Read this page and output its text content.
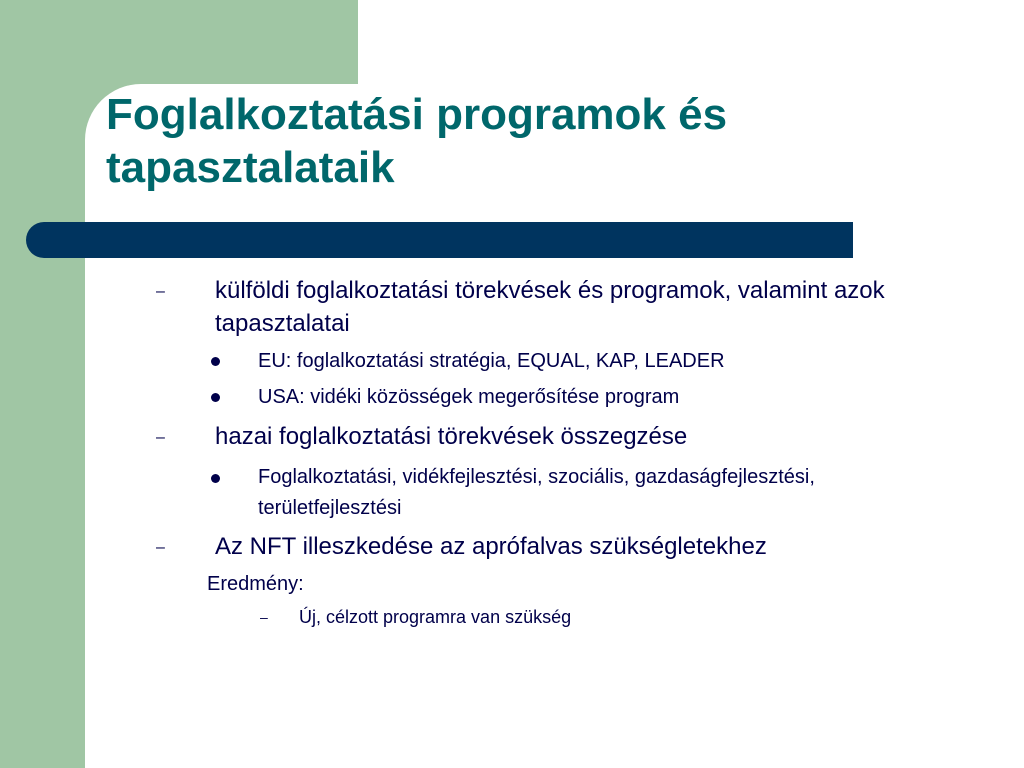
Foglalkoztatási programok és tapasztalataik
– külföldi foglalkoztatási törekvések és programok, valamint azok tapasztalatai

EU: foglalkoztatási stratégia, EQUAL, KAP, LEADER

USA: vidéki közösségek megerősítése program

– hazai foglalkoztatási törekvések összegzése

Foglalkoztatási, vidékfejlesztési, szociális, gazdaságfejlesztési, területfejlesztési

– Az NFT illeszkedése az aprófalvas szükségletekhez

Eredmény:

– Új, célzott programra van szükség
